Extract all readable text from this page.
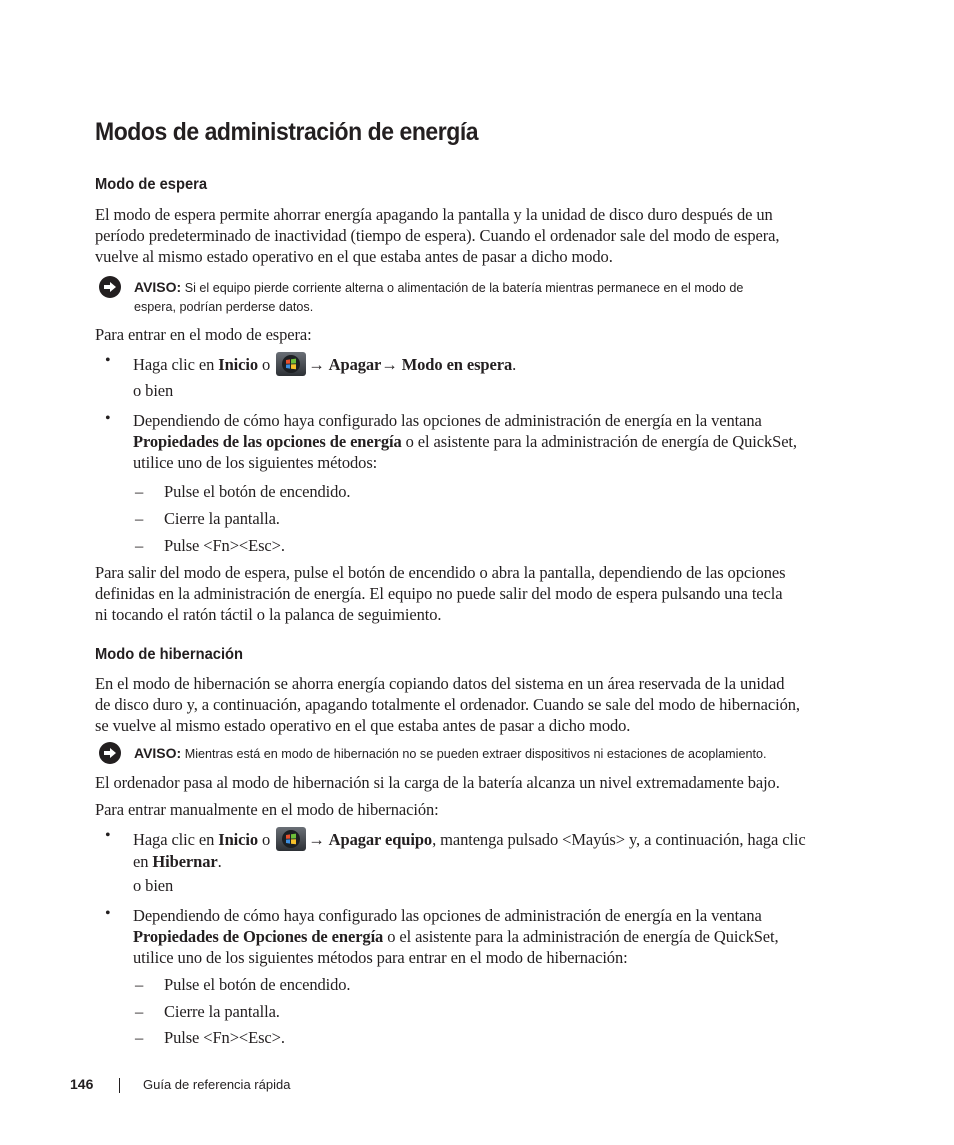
Modos de administración de energía
Modo de espera
El modo de espera permite ahorrar energía apagando la pantalla y la unidad de disco duro después de un
período predeterminado de inactividad (tiempo de espera). Cuando el ordenador sale del modo de espera,
vuelve al mismo estado operativo en el que estaba antes de pasar a dicho modo.
AVISO: Si el equipo pierde corriente alterna o alimentación de la batería mientras permanece en el modo de
espera, podrían perderse datos.
Para entrar en el modo de espera:
• Haga clic en Inicio o → Apagar→ Modo en espera.
o bien
• Dependiendo de cómo haya configurado las opciones de administración de energía en la ventana
Propiedades de las opciones de energía o el asistente para la administración de energía de QuickSet,
utilice uno de los siguientes métodos:
– Pulse el botón de encendido.
– Cierre la pantalla.
– Pulse <Fn><Esc>.
Para salir del modo de espera, pulse el botón de encendido o abra la pantalla, dependiendo de las opciones
definidas en la administración de energía. El equipo no puede salir del modo de espera pulsando una tecla
ni tocando el ratón táctil o la palanca de seguimiento.
Modo de hibernación
En el modo de hibernación se ahorra energía copiando datos del sistema en un área reservada de la unidad
de disco duro y, a continuación, apagando totalmente el ordenador. Cuando se sale del modo de hibernación,
se vuelve al mismo estado operativo en el que estaba antes de pasar a dicho modo.
AVISO: Mientras está en modo de hibernación no se pueden extraer dispositivos ni estaciones de acoplamiento.
El ordenador pasa al modo de hibernación si la carga de la batería alcanza un nivel extremadamente bajo.
Para entrar manualmente en el modo de hibernación:
• Haga clic en Inicio o → Apagar equipo, mantenga pulsado <Mayús> y, a continuación, haga clic
en Hibernar.
o bien
• Dependiendo de cómo haya configurado las opciones de administración de energía en la ventana
Propiedades de Opciones de energía o el asistente para la administración de energía de QuickSet,
utilice uno de los siguientes métodos para entrar en el modo de hibernación:
– Pulse el botón de encendido.
– Cierre la pantalla.
– Pulse <Fn><Esc>.
146	Guía de referencia rápida
